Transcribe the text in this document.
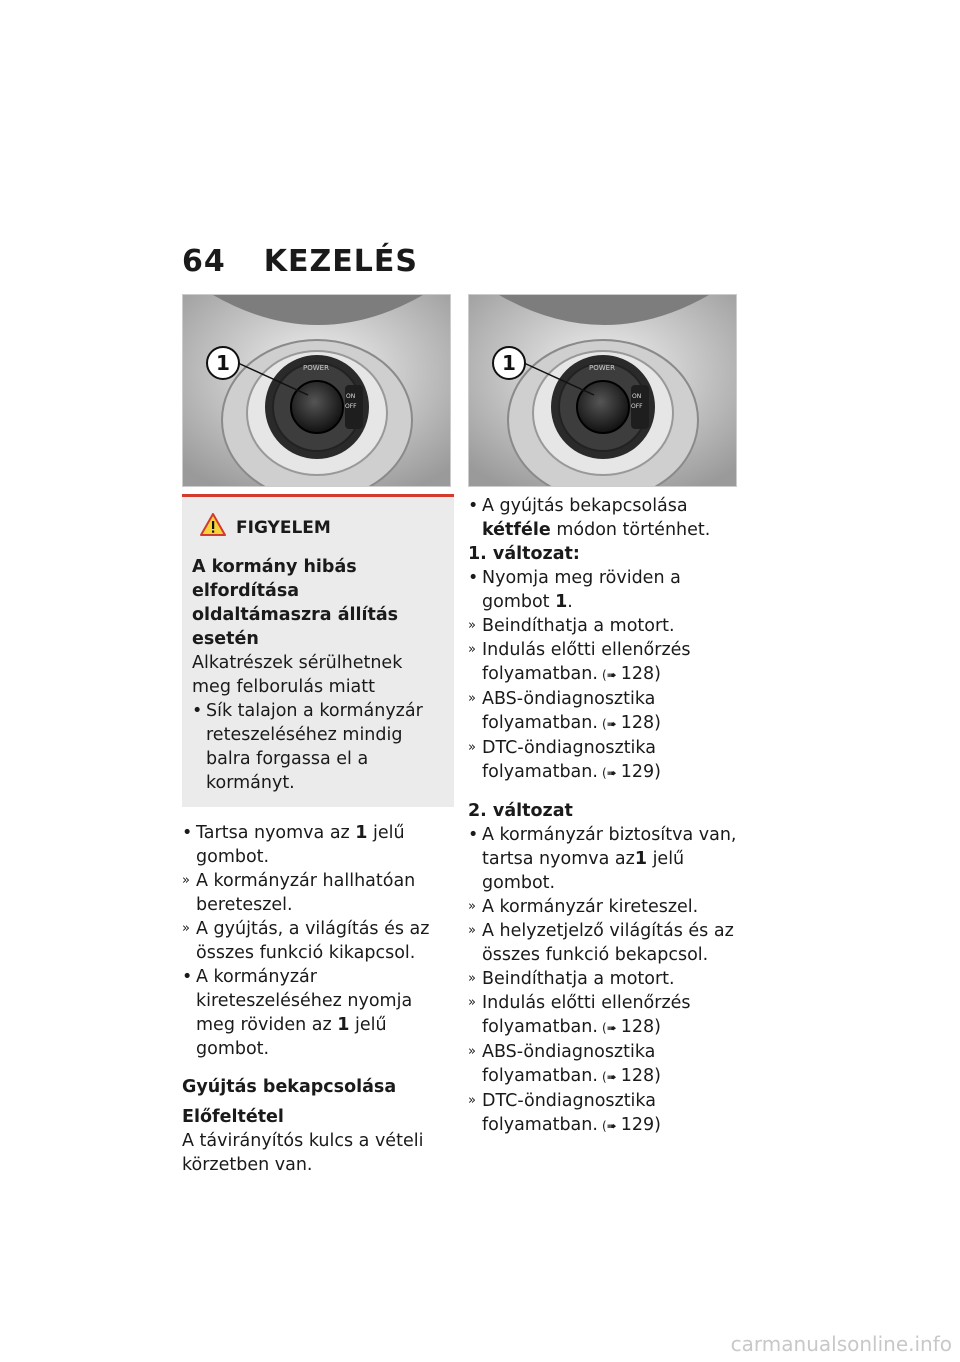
64 KEZELÉS
POWER
ON
OFF
1	POWER
ON
OFF
1
FIGYELEM
A kormány hibás elfordítása oldaltámaszra állítás esetén
Alkatrészek sérülhetnek meg felborulás miatt
• Sík talajon a kormányzár reteszeléséhez mindig balra forgassa el a kormányt.
• Tartsa nyomva az 1 jelű gombot.
» A kormányzár hallhatóan bereteszel.
» A gyújtás, a világítás és az összes funkció kikapcsol.
• A kormányzár kireteszeléséhez nyomja meg röviden az 1 jelű gombot.
Gyújtás bekapcsolása
Előfeltétel
A távirányítós kulcs a vételi körzetben van.
• A gyújtás bekapcsolása kétféle módon történhet.
1. változat:
• Nyomja meg röviden a gombot 1.
» Beindíthatja a motort.
» Indulás előtti ellenőrzés folyamatban. (➠ 128)
» ABS-öndiagnosztika folyamatban. (➠ 128)
» DTC-öndiagnosztika folyamatban. (➠ 129)
2. változat
• A kormányzár biztosítva van, tartsa nyomva az1 jelű gombot.
» A kormányzár kireteszel.
» A helyzetjelző világítás és az összes funkció bekapcsol.
» Beindíthatja a motort.
» Indulás előtti ellenőrzés folyamatban. (➠ 128)
» ABS-öndiagnosztika folyamatban. (➠ 128)
» DTC-öndiagnosztika folyamatban. (➠ 129)
carmanualsonline.info
